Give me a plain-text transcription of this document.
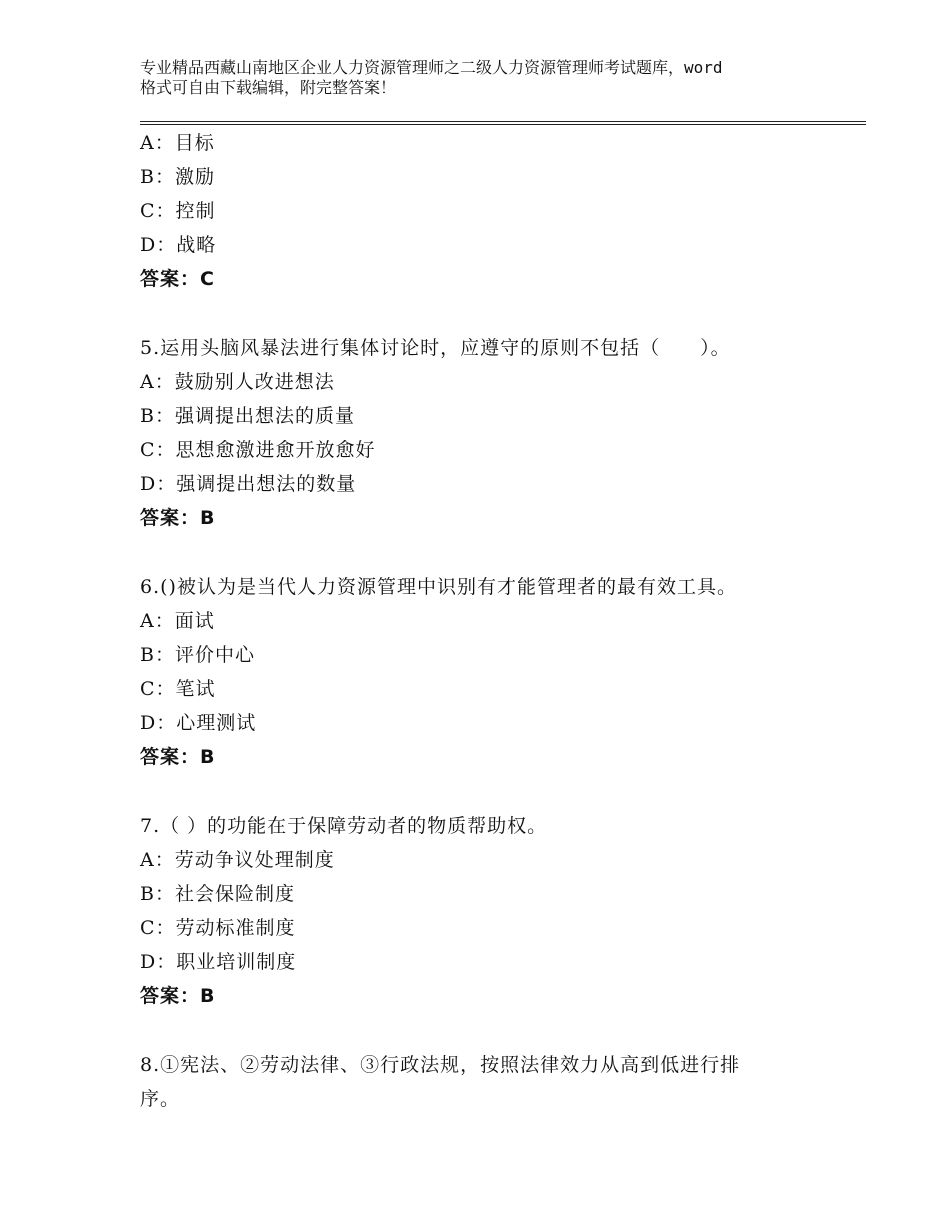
专业精品西藏山南地区企业人力资源管理师之二级人力资源管理师考试题库，word
格式可自由下载编辑，附完整答案！
A：目标
B：激励
C：控制
D：战略
答案：C
5.运用头脑风暴法进行集体讨论时，应遵守的原则不包括（　　）。
A：鼓励别人改进想法
B：强调提出想法的质量
C：思想愈激进愈开放愈好
D：强调提出想法的数量
答案：B
6.()被认为是当代人力资源管理中识别有才能管理者的最有效工具。
A：面试
B：评价中心
C：笔试
D：心理测试
答案：B
7.（ ）的功能在于保障劳动者的物质帮助权。
A：劳动争议处理制度
B：社会保险制度
C：劳动标准制度
D：职业培训制度
答案：B
8.①宪法、②劳动法律、③行政法规，按照法律效力从高到低进行排
序。
